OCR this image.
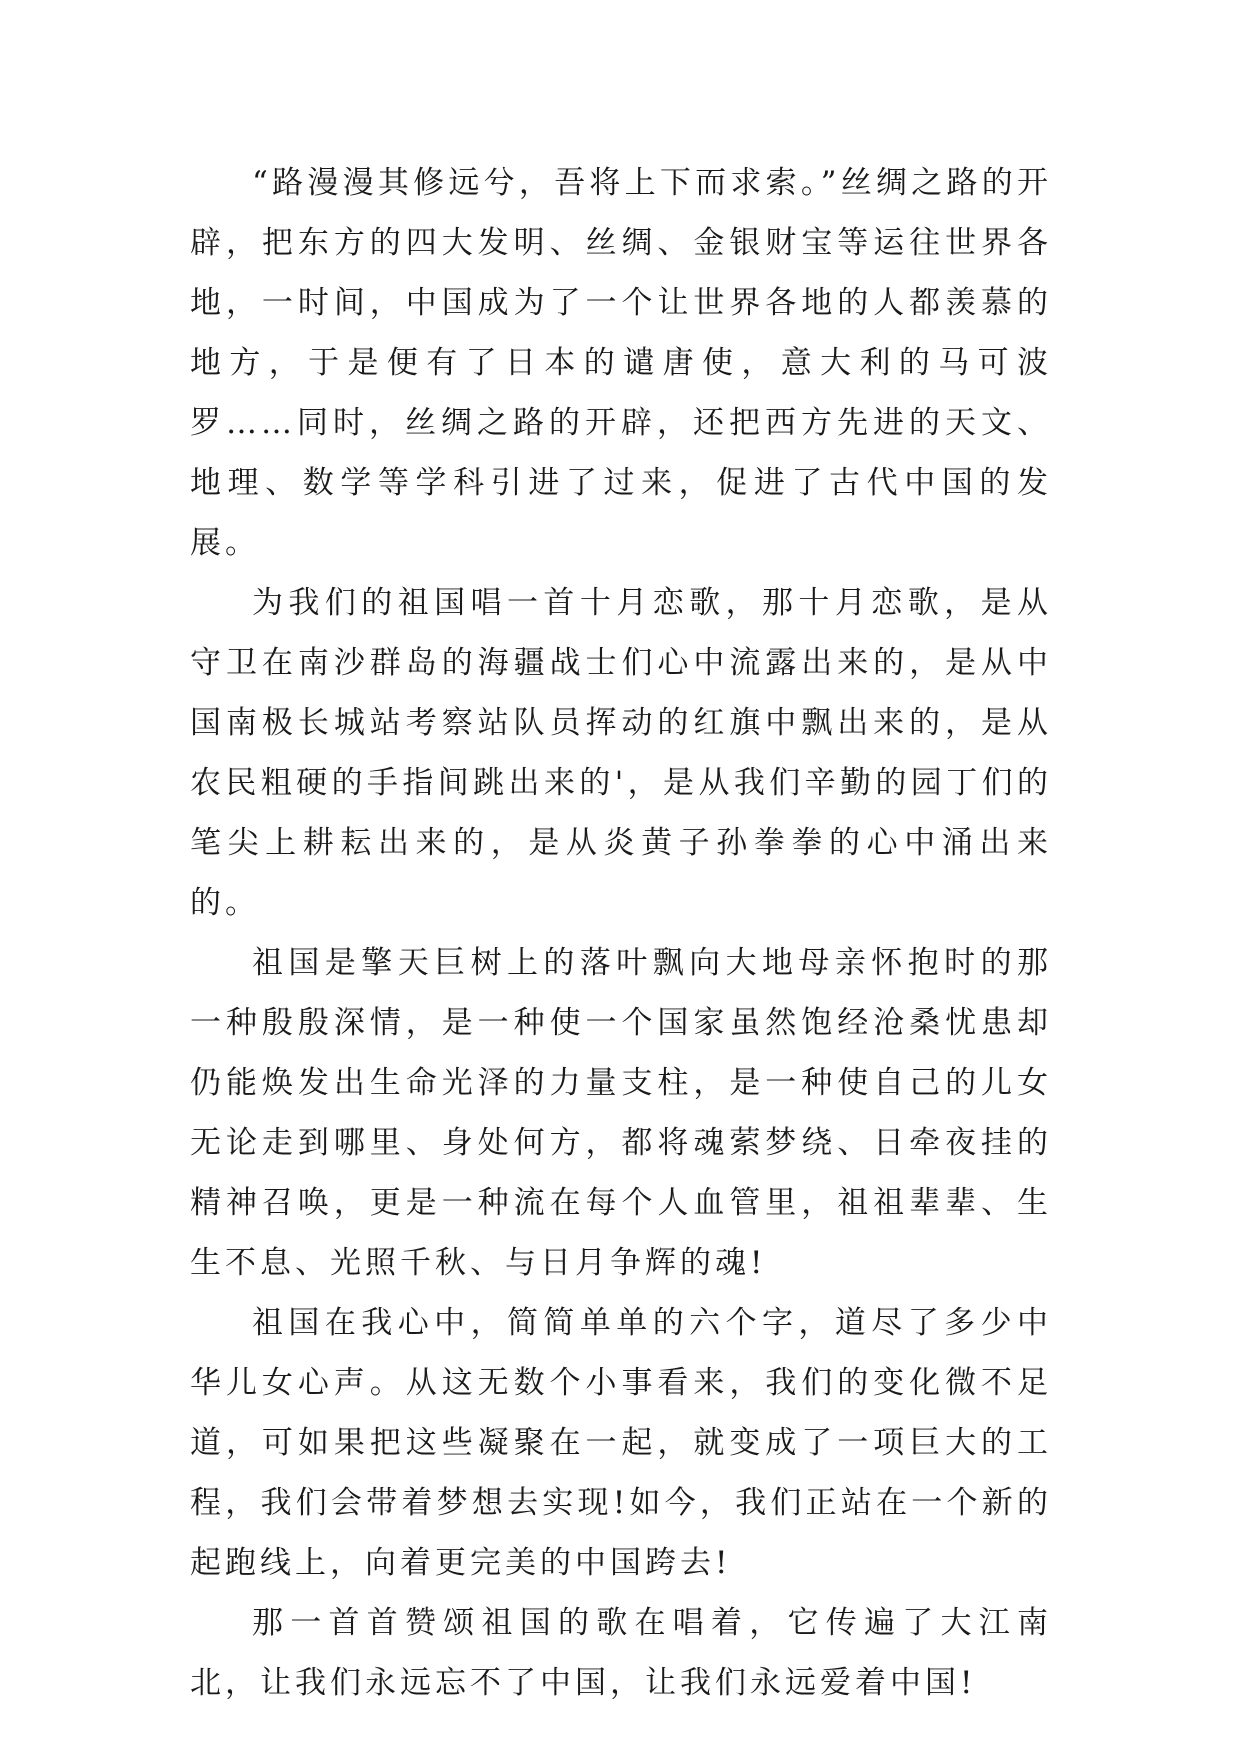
“路漫漫其修远兮，吾将上下而求索。”丝绸之路的开辟，把东方的四大发明、丝绸、金银财宝等运往世界各地，一时间，中国成为了一个让世界各地的人都羡慕的地方，于是便有了日本的谴唐使，意大利的马可波罗……同时，丝绸之路的开辟，还把西方先进的天文、地理、数学等学科引进了过来，促进了古代中国的发展。

为我们的祖国唱一首十月恋歌，那十月恋歌，是从守卫在南沙群岛的海疆战士们心中流露出来的，是从中国南极长城站考察站队员挥动的红旗中飘出来的，是从农民粗硬的手指间跳出来的'，是从我们辛勤的园丁们的笔尖上耕耘出来的，是从炎黄子孙拳拳的心中涌出来的。

祖国是擎天巨树上的落叶飘向大地母亲怀抱时的那一种殷殷深情，是一种使一个国家虽然饱经沧桑忧患却仍能焕发出生命光泽的力量支柱，是一种使自己的儿女无论走到哪里、身处何方，都将魂萦梦绕、日牵夜挂的精神召唤，更是一种流在每个人血管里，祖祖辈辈、生生不息、光照千秋、与日月争辉的魂!

祖国在我心中，简简单单的六个字，道尽了多少中华儿女心声。从这无数个小事看来，我们的变化微不足道，可如果把这些凝聚在一起，就变成了一项巨大的工程，我们会带着梦想去实现!如今，我们正站在一个新的起跑线上，向着更完美的中国跨去!

那一首首赞颂祖国的歌在唱着，它传遍了大江南北，让我们永远忘不了中国，让我们永远爱着中国!
